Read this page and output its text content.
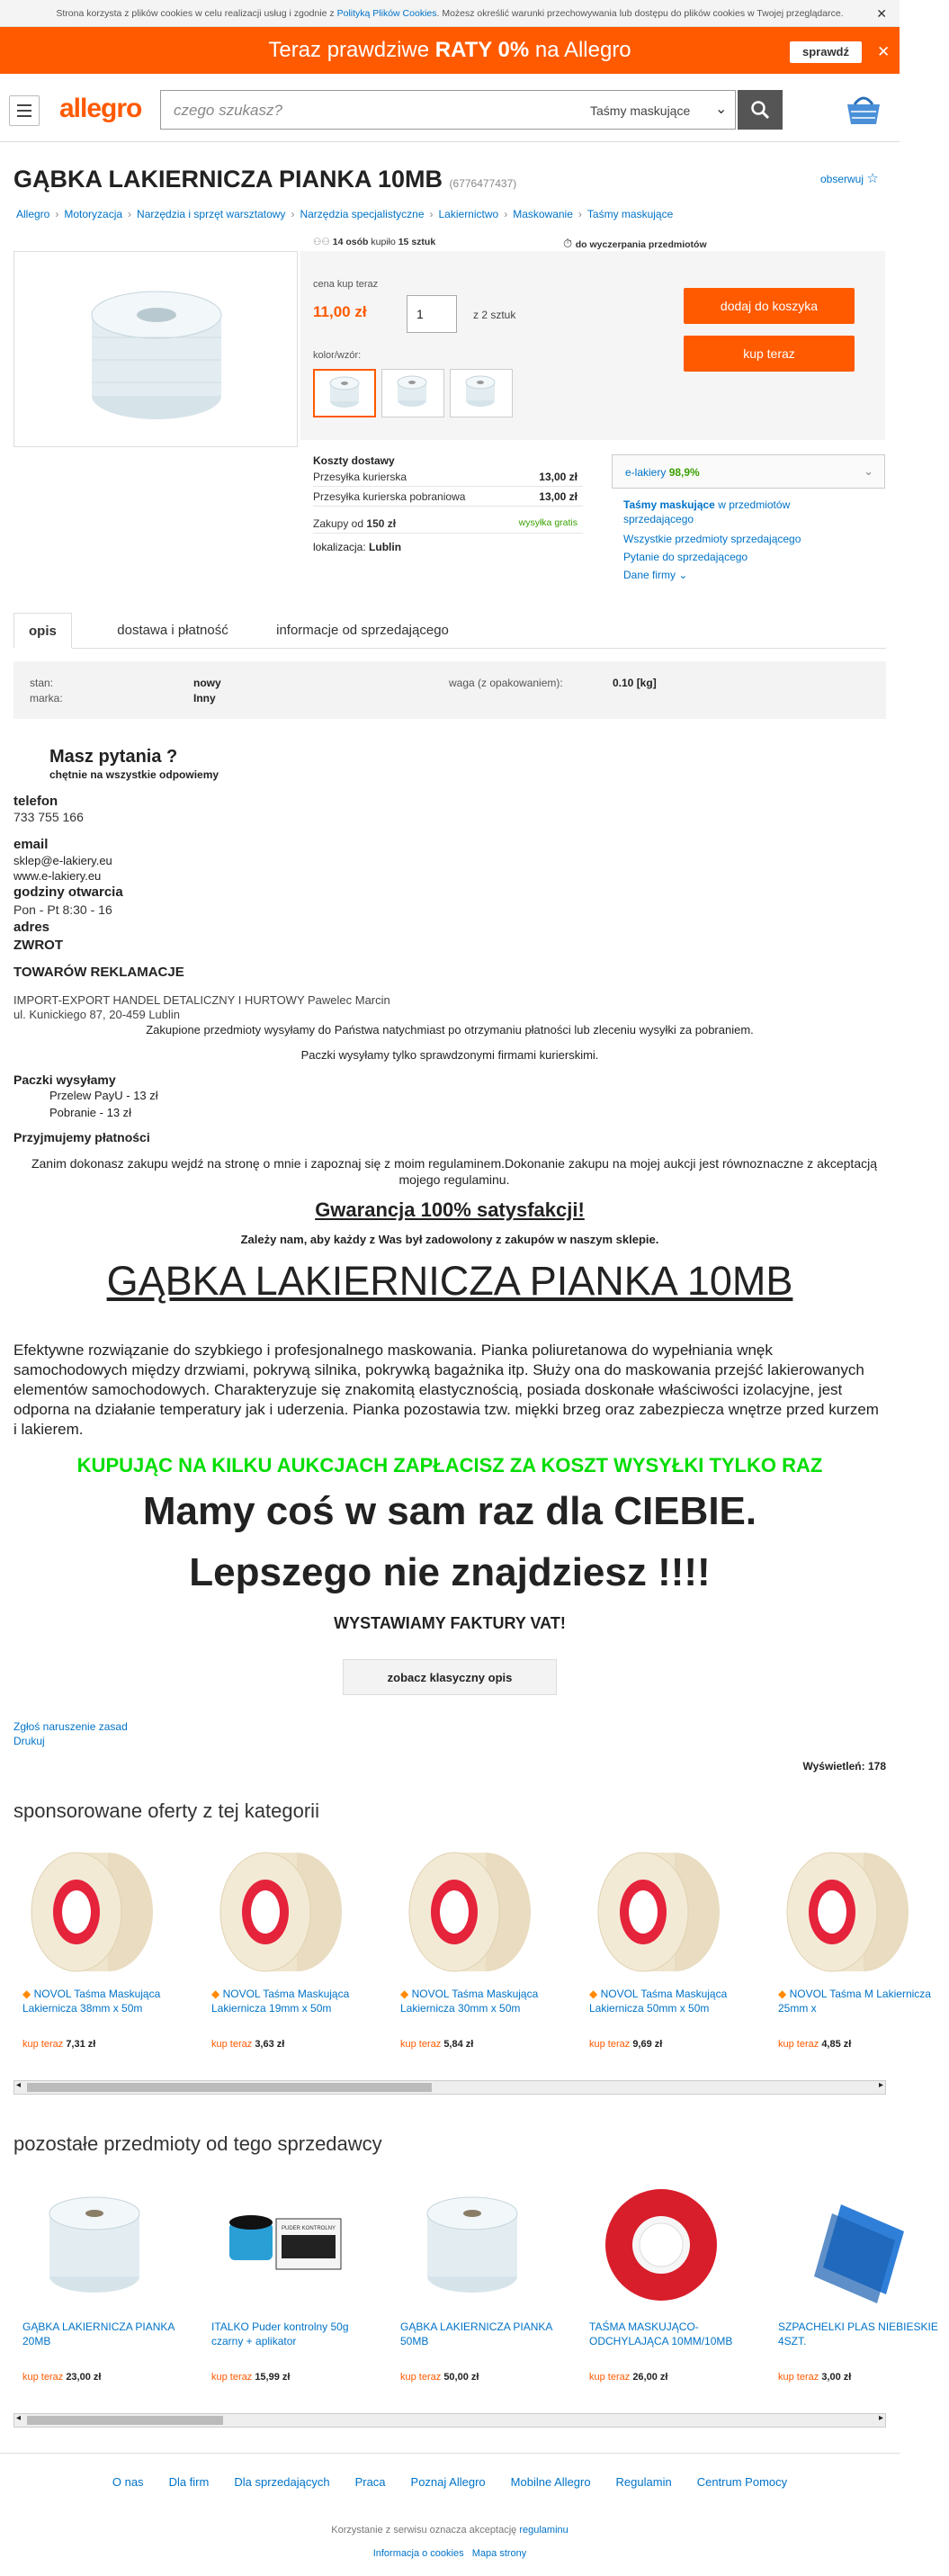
Strona korzysta z plików cookies w celu realizacji usług i zgodnie z Polityką Plików Cookies. Możesz określić warunki przechowywania lub dostępu do plików cookies w Twojej przeglądarce.	✕
Teraz prawdziwe RATY 0% na Allegro	sprawdź	✕
allegro czego szukasz?	Taśmy maskujące ⌄
GĄBKA LAKIERNICZA PIANKA 10MB (6776477437)	obserwuj ☆
Allegro › Motoryzacja › Narzędzia i sprzęt warsztatowy › Narzędzia specjalistyczne › Lakiernictwo › Maskowanie › Taśmy maskujące
⚇⚇ 14 osób kupiło 15 sztuk	⏱ do wyczerpania przedmiotów
cena kup teraz
11,00 zł	1	z 2 sztuk
kolor/wzór:
dodaj do koszyka
kup teraz
Koszty dostawy
Przesyłka kurierska	13,00 zł
Przesyłka kurierska pobraniowa	13,00 zł
Zakupy od 150 zł	wysyłka gratis
lokalizacja: Lublin
e-lakiery 98,9%	⌄
Taśmy maskujące w przedmiotów sprzedającego
Wszystkie przedmioty sprzedającego
Pytanie do sprzedającego
Dane firmy ⌄
opis	dostawa i płatność	informacje od sprzedającego
stan:	nowy
marka:	Inny
waga (z opakowaniem):	0.10 [kg]
Masz pytania ?
chętnie na wszystkie odpowiemy
telefon
733 755 166
email
sklep@e-lakiery.eu
www.e-lakiery.eu
godziny otwarcia
Pon - Pt 8:30 - 16
adres
ZWROT
TOWARÓW REKLAMACJE
IMPORT-EXPORT HANDEL DETALICZNY I HURTOWY Pawelec Marcin
ul. Kunickiego 87, 20-459 Lublin
Zakupione przedmioty wysyłamy do Państwa natychmiast po otrzymaniu płatności lub zleceniu wysyłki za pobraniem.
Paczki wysyłamy tylko sprawdzonymi firmami kurierskimi.
Paczki wysyłamy
Przelew PayU - 13 zł
Pobranie - 13 zł
Przyjmujemy płatności
Zanim dokonasz zakupu wejdź na stronę o mnie i zapoznaj się z moim regulaminem.Dokonanie zakupu na mojej aukcji jest równoznaczne z akceptacją mojego regulaminu.
Gwarancja 100% satysfakcji!
Zależy nam, aby każdy z Was był zadowolony z zakupów w naszym sklepie.
GĄBKA LAKIERNICZA PIANKA 10MB
Efektywne rozwiązanie do szybkiego i profesjonalnego maskowania. Pianka poliuretanowa do wypełniania wnęk samochodowych między drzwiami, pokrywą silnika, pokrywką bagażnika itp. Służy ona do maskowania przejść lakierowanych elementów samochodowych. Charakteryzuje się znakomitą elastycznością, posiada doskonałe właściwości izolacyjne, jest odporna na działanie temperatury jak i uderzenia. Pianka pozostawia tzw. miękki brzeg oraz zabezpiecza wnętrze przed kurzem i lakierem.
KUPUJĄC NA KILKU AUKCJACH ZAPŁACISZ ZA KOSZT WYSYŁKI TYLKO RAZ
Mamy coś w sam raz dla CIEBIE.
Lepszego nie znajdziesz !!!!
WYSTAWIAMY FAKTURY VAT!
zobacz klasyczny opis
Zgłoś naruszenie zasad
Drukuj
Wyświetleń: 178
sponsorowane oferty z tej kategorii
◆ NOVOL Taśma Maskująca Lakiernicza 38mm x 50m
kup teraz 7,31 zł
◆ NOVOL Taśma Maskująca Lakiernicza 19mm x 50m
kup teraz 3,63 zł
◆ NOVOL Taśma Maskująca Lakiernicza 30mm x 50m
kup teraz 5,84 zł
◆ NOVOL Taśma Maskująca Lakiernicza 50mm x 50m
kup teraz 9,69 zł
◆ NOVOL Taśma M Lakiernicza 25mm x
kup teraz 4,85 zł
◂	▸
pozostałe przedmioty od tego sprzedawcy
GĄBKA LAKIERNICZA PIANKA 20MB
kup teraz 23,00 zł
PUDER KONTROLNY
ITALKO Puder kontrolny 50g czarny + aplikator
kup teraz 15,99 zł
GĄBKA LAKIERNICZA PIANKA 50MB
kup teraz 50,00 zł
TAŚMA MASKUJĄCO-ODCHYLAJĄCA 10MM/10MB
kup teraz 26,00 zł
SZPACHELKI PLAS NIEBIESKIE 4SZT.
kup teraz 3,00 zł
◂	▸
O nas Dla firm Dla sprzedających Praca Poznaj Allegro Mobilne Allegro Regulamin Centrum Pomocy
Korzystanie z serwisu oznacza akceptację regulaminu
Informacja o cookies Mapa strony
